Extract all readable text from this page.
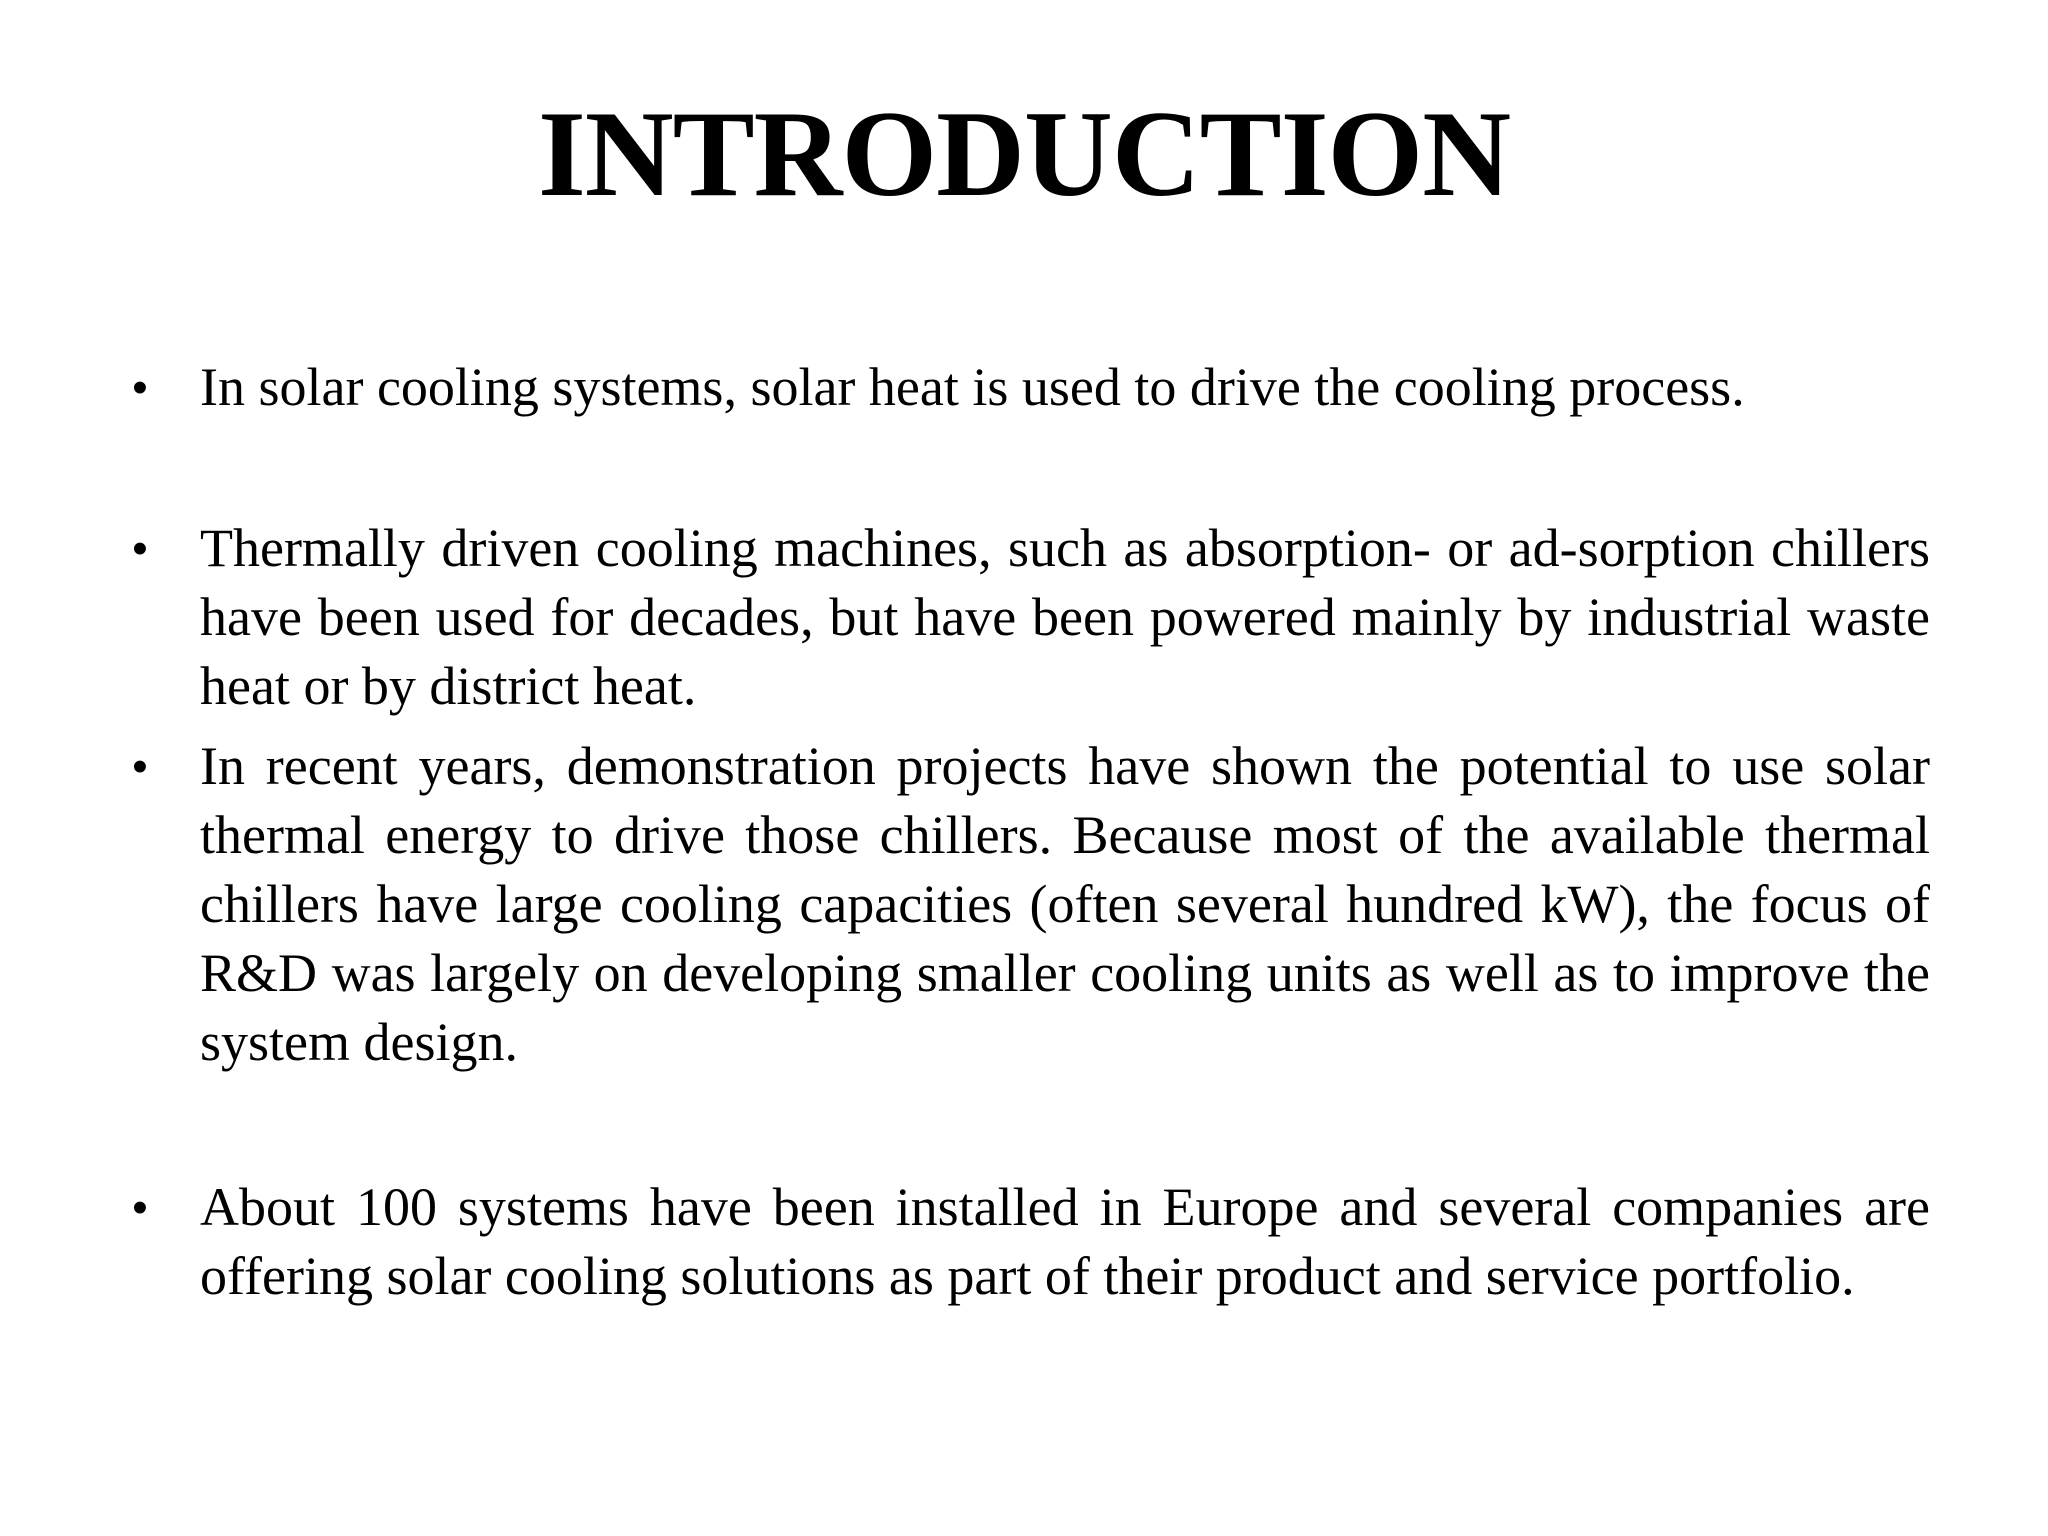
INTRODUCTION
• In solar cooling systems, solar heat is used to drive the cooling process.
• Thermally driven cooling machines, such as absorption- or ad-sorption chillers have been used for decades, but have been powered mainly by industrial waste heat or by district heat.
• In recent years, demonstration projects have shown the potential to use solar thermal energy to drive those chillers. Because most of the available thermal chillers have large cooling capacities (often several hundred kW), the focus of R&D was largely on developing smaller cooling units as well as to improve the system design.
• About 100 systems have been installed in Europe and several companies are offering solar cooling solutions as part of their product and service portfolio.
